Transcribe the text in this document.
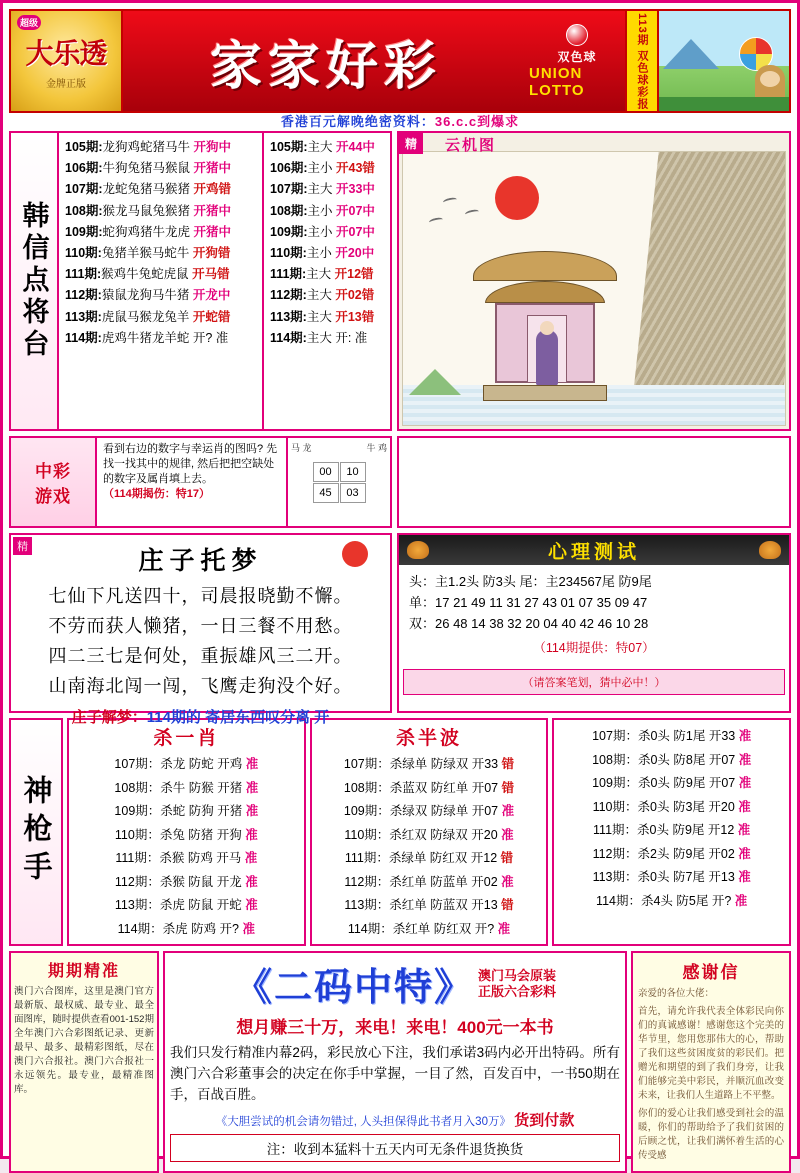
超级
大乐透
金牌正版 家家好彩	双色球
UNION LOTTO	113期 双色球彩报
香港百元解晚绝密资料：36.c.c到爆求
韩信点将台
105期:龙狗鸡蛇猪马牛 开狗中
106期:牛狗兔猪马猴鼠 开猪中
107期:龙蛇兔猪马猴猪 开鸡错
108期:猴龙马鼠兔猴猪 开猪中
109期:蛇狗鸡猪牛龙虎 开猪中
110期:兔猪羊猴马蛇牛 开狗错
111期:猴鸡牛兔蛇虎鼠 开马错
112期:猿鼠龙狗马牛猪 开龙中
113期:虎鼠马猴龙兔羊 开蛇错
114期:虎鸡牛猪龙羊蛇 开? 准
105期:主大 开44中
106期:主小 开43错
107期:主大 开33中
108期:主小 开07中
109期:主小 开07中
110期:主小 开20中
111期:主大 开12错
112期:主大 开02错
113期:主大 开13错
114期:主大 开: 准
精	云机图
中彩
游戏
看到右边的数字与幸运肖的图吗? 先找一找其中的规律, 然后把把空缺处的数字及属肖填上去。
（114期揭伤：特17）
马 龙	牛 鸡
00	10
45	03
精
庄子托梦

七仙下凡送四十，司晨报晓勤不懈。

不劳而获人懒猪，一日三餐不用愁。

四二三七是何处，重振雄风三二开。

山南海北闯一闯，飞鹰走狗没个好。

庄子解梦：114期的 寄居东西叹分离 开
心理测试
头：主1.2头 防3头 尾：主234567尾 防9尾
单：17 21 49 11 31 27 43 01 07 35 09 47
双：26 48 14 38 32 20 04 40 42 46 10 28
（114期提供：特07）
（请答案笔划，猜中必中！）
神枪手
杀一肖
107期：杀龙 防蛇 开鸡 准
108期：杀牛 防猴 开猪 准
109期：杀蛇 防狗 开猪 准
110期：杀兔 防猪 开狗 准
111期：杀猴 防鸡 开马 准
112期：杀猴 防鼠 开龙 准
113期：杀虎 防鼠 开蛇 准
114期：杀虎 防鸡 开? 准
杀半波
107期：杀绿单 防绿双 开33 错
108期：杀蓝双 防红单 开07 错
109期：杀绿双 防绿单 开07 准
110期：杀红双 防绿双 开20 准
111期：杀绿单 防红双 开12 错
112期：杀红单 防蓝单 开02 准
113期：杀红单 防蓝双 开13 错
114期：杀红单 防红双 开? 准
107期：杀0头 防1尾 开33 准
108期：杀0头 防8尾 开07 准
109期：杀0头 防9尾 开07 准
110期：杀0头 防3尾 开20 准
111期：杀0头 防9尾 开12 准
112期：杀2头 防9尾 开02 准
113期：杀0头 防7尾 开13 准
114期：杀4头 防5尾 开? 准
期期精准

澳门六合图库，这里是澳门官方最新版、最权威、最专业、最全面图库，随时提供查看001-152期全年澳门六合彩图纸记录、更新最早、最多、最精彩图纸，尽在澳门六合报社。澳门六合报社一永远领先。最专业，最精准图库。

《二码中特》 澳门马会原装
正版六合彩料
想月赚三十万，来电！来电！400元一本书
我们只发行精准内幕2码，彩民放心下注，我们承诺3码内必开出特码。所有澳门六合彩董事会的决定在你手中掌握，一目了然，百发百中，一书50期在手，百战百胜。
《大胆尝试的机会请勿错过, 人头担保得此书者月入30万》 货到付款
注：收到本猛料十五天内可无条件退货换货
感谢信

亲爱的各位大佬：

首先，请允许我代表全体彩民向你们的真诚感谢！感谢您这个完美的华节里，您用您那伟大的心，帮助了我们这些贫困度贫的彩民们。把赠光和期望的到了我们身旁，让我们能够完美中彩民，并顺沉血改变未来，让我们人生道路上不平整。

你们的爱心让我们感受到社会的温暖，你们的帮助给予了我们贫困的后顾之忧，让我们满怀着生活的心传受感
